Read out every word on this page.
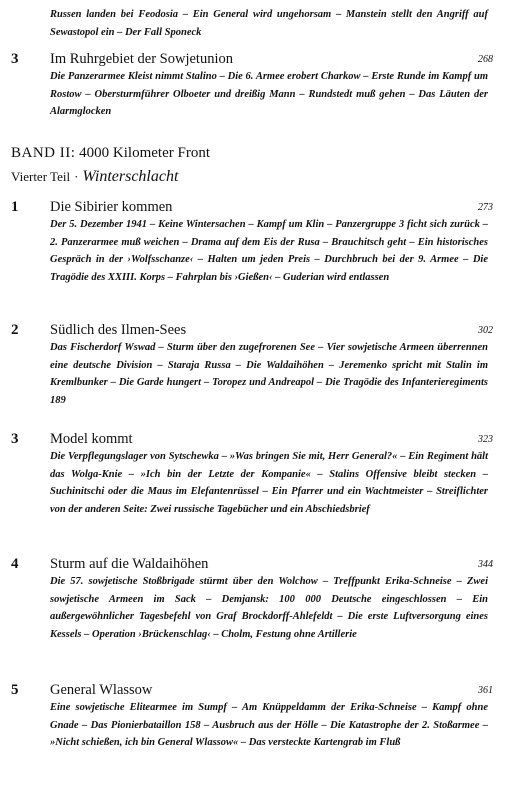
Russen landen bei Feodosia – Ein General wird ungehorsam – Manstein stellt den Angriff auf Sewastopol ein – Der Fall Sponeck
3 Im Ruhrgebiet der Sowjetunion	268
Die Panzerarmee Kleist nimmt Stalino – Die 6. Armee erobert Charkow – Erste Runde im Kampf um Rostow – Obersturmführer Olboeter und dreißig Mann – Rundstedt muß gehen – Das Läuten der Alarmglocken
BAND II: 4000 Kilometer Front
Vierter Teil · Winterschlacht
1 Die Sibirier kommen	273
Der 5. Dezember 1941 – Keine Wintersachen – Kampf um Klin – Panzergruppe 3 ficht sich zurück – 2. Panzerarmee muß weichen – Drama auf dem Eis der Rusa – Brauchitsch geht – Ein historisches Gespräch in der ›Wolfsschanze‹ – Halten um jeden Preis – Durchbruch bei der 9. Armee – Die Tragödie des XXIII. Korps – Fahrplan bis ›Gießen‹ – Guderian wird entlassen
2 Südlich des Ilmen-Sees	302
Das Fischerdorf Wswad – Sturm über den zugefrorenen See – Vier sowjetische Armeen überrennen eine deutsche Division – Staraja Russa – Die Waldaihöhen – Jeremenko spricht mit Stalin im Kremlbunker – Die Garde hungert – Toropez und Andreapol – Die Tragödie des Infanterieregiments 189
3 Model kommt	323
Die Verpflegungslager von Sytschewka – »Was bringen Sie mit, Herr General?« – Ein Regiment hält das Wolga-Knie – »Ich bin der Letzte der Kompanie« – Stalins Offensive bleibt stecken – Suchinitschi oder die Maus im Elefantenrüssel – Ein Pfarrer und ein Wachtmeister – Streiflichter von der anderen Seite: Zwei russische Tagebücher und ein Abschiedsbrief
4 Sturm auf die Waldaihöhen	344
Die 57. sowjetische Stoßbrigade stürmt über den Wolchow – Treffpunkt Erika-Schneise – Zwei sowjetische Armeen im Sack – Demjansk: 100 000 Deutsche eingeschlossen – Ein außergewöhnlicher Tagesbefehl von Graf Brockdorff-Ahlefeldt – Die erste Luftversorgung eines Kessels – Operation ›Brückenschlag‹ – Cholm, Festung ohne Artillerie
5 General Wlassow	361
Eine sowjetische Elitearmee im Sumpf – Am Knüppeldamm der Erika-Schneise – Kampf ohne Gnade – Das Pionierbataillon 158 – Ausbruch aus der Hölle – Die Katastrophe der 2. Stoßarmee – »Nicht schießen, ich bin General Wlassow« – Das versteckte Kartengrab im Fluß
